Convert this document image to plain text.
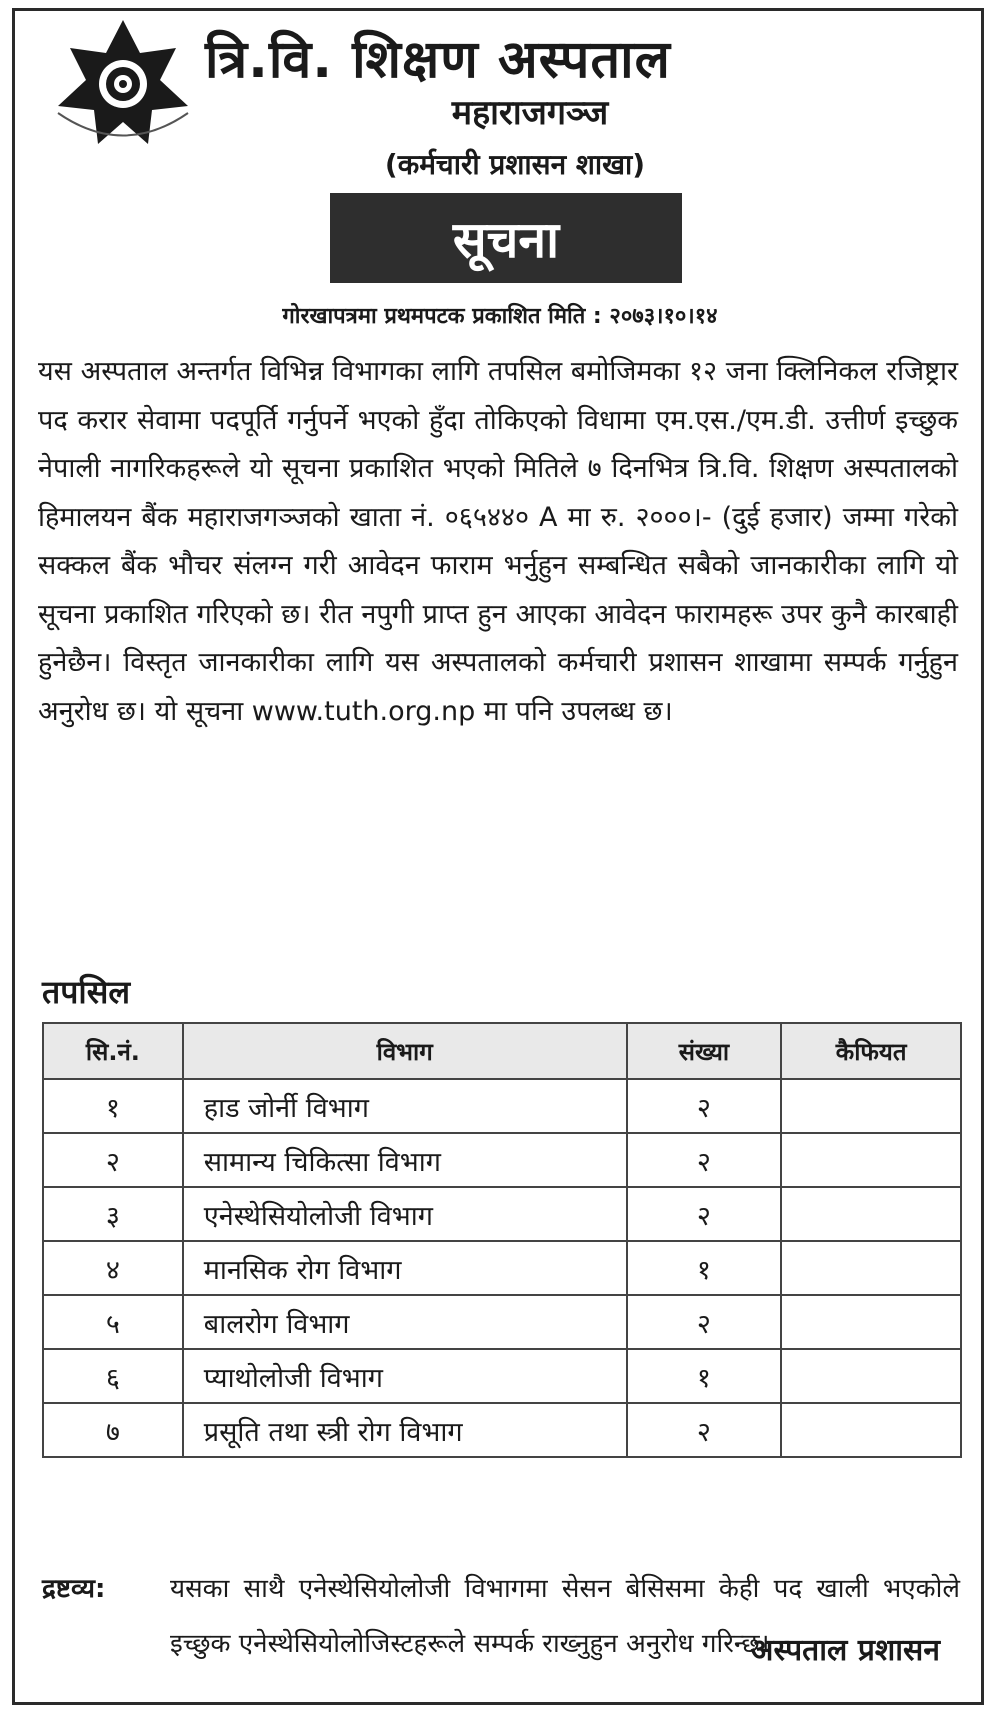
त्रि.वि. शिक्षण अस्पताल
महाराजगञ्ज
(कर्मचारी प्रशासन शाखा)
सूचना
गोरखापत्रमा प्रथमपटक प्रकाशित मिति : २०७३।१०।१४
यस अस्पताल अन्तर्गत विभिन्न विभागका लागि तपसिल बमोजिमका १२ जना क्लिनिकल रजिष्ट्रार पद करार सेवामा पदपूर्ति गर्नुपर्ने भएको हुँदा तोकिएको विधामा एम.एस./एम.डी. उत्तीर्ण इच्छुक नेपाली नागरिकहरूले यो सूचना प्रकाशित भएको मितिले ७ दिनभित्र त्रि.वि. शिक्षण अस्पतालको हिमालयन बैंक महाराजगञ्जको खाता नं. ०६५४४० A मा रु. २०००।- (दुई हजार) जम्मा गरेको सक्कल बैंक भौचर संलग्न गरी आवेदन फाराम भर्नुहुन सम्बन्धित सबैको जानकारीका लागि यो सूचना प्रकाशित गरिएको छ। रीत नपुगी प्राप्त हुन आएका आवेदन फारामहरू उपर कुनै कारबाही हुनेछैन। विस्तृत जानकारीका लागि यस अस्पतालको कर्मचारी प्रशासन शाखामा सम्पर्क गर्नुहुन अनुरोध छ। यो सूचना www.tuth.org.np मा पनि उपलब्ध छ।
तपसिल
सि.नं.	विभाग	संख्या	कैफियत
१	हाड जोर्नी विभाग	२	
२	सामान्य चिकित्सा विभाग	२	
३	एनेस्थेसियोलोजी विभाग	२	
४	मानसिक रोग विभाग	१	
५	बालरोग विभाग	२	
६	प्याथोलोजी विभाग	१	
७	प्रसूति तथा स्त्री रोग विभाग	२	
द्रष्टव्य: यसका साथै एनेस्थेसियोलोजी विभागमा सेसन बेसिसमा केही पद खाली भएकोले इच्छुक एनेस्थेसियोलोजिस्टहरूले सम्पर्क राख्नुहुन अनुरोध गरिन्छ।
अस्पताल प्रशासन
